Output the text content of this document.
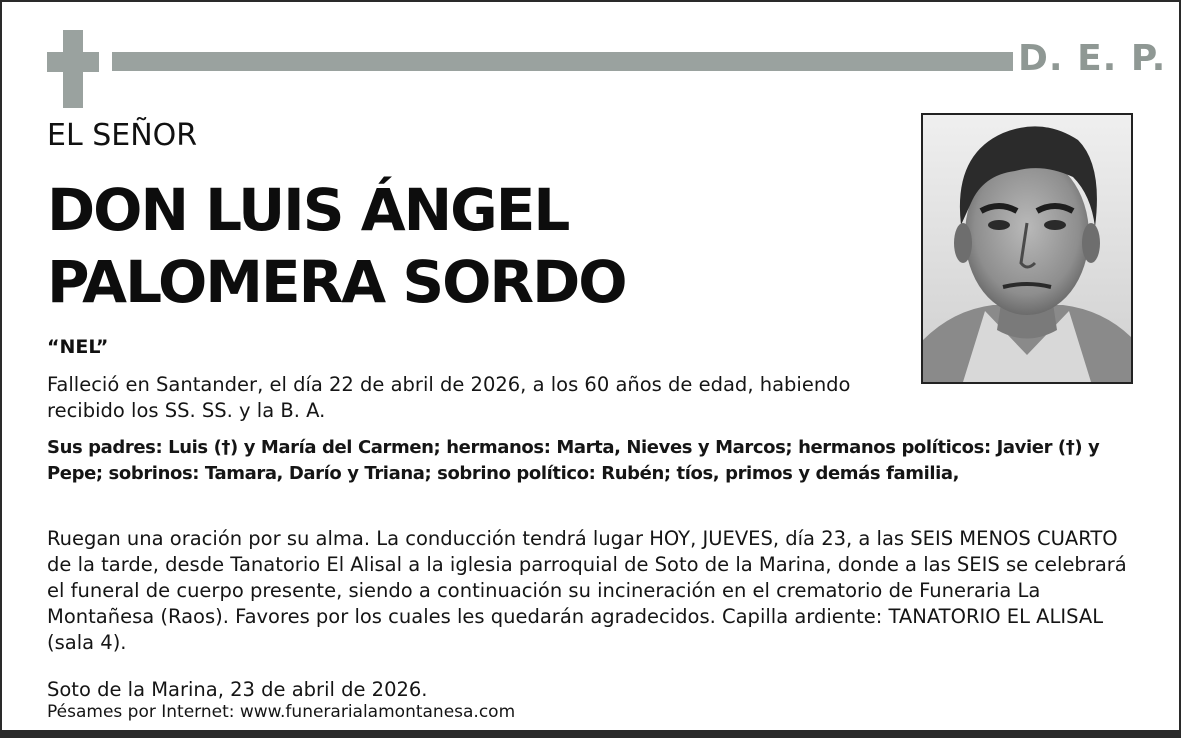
D. E. P.
EL SEÑOR
DON LUIS ÁNGEL
PALOMERA SORDO
“NEL”

Falleció en Santander, el día 22 de abril de 2026, a los 60 años de edad, habiendo recibido los SS. SS. y la B. A.

Sus padres: Luis (†) y María del Carmen; hermanos: Marta, Nieves y Marcos; hermanos políticos: Javier (†) y Pepe; sobrinos: Tamara, Darío y Triana; sobrino político: Rubén; tíos, primos y demás familia,

Ruegan una oración por su alma. La conducción tendrá lugar HOY, JUEVES, día 23, a las SEIS MENOS CUARTO de la tarde, desde Tanatorio El Alisal a la iglesia parroquial de Soto de la Marina, donde a las SEIS se celebrará el funeral de cuerpo presente, siendo a continuación su incineración en el crematorio de Funeraria La Montañesa (Raos). Favores por los cuales les quedarán agradecidos. Capilla ardiente: TANATORIO EL ALISAL (sala 4).

Soto de la Marina, 23 de abril de 2026.

Pésames por Internet: www.funerarialamontanesa.com
